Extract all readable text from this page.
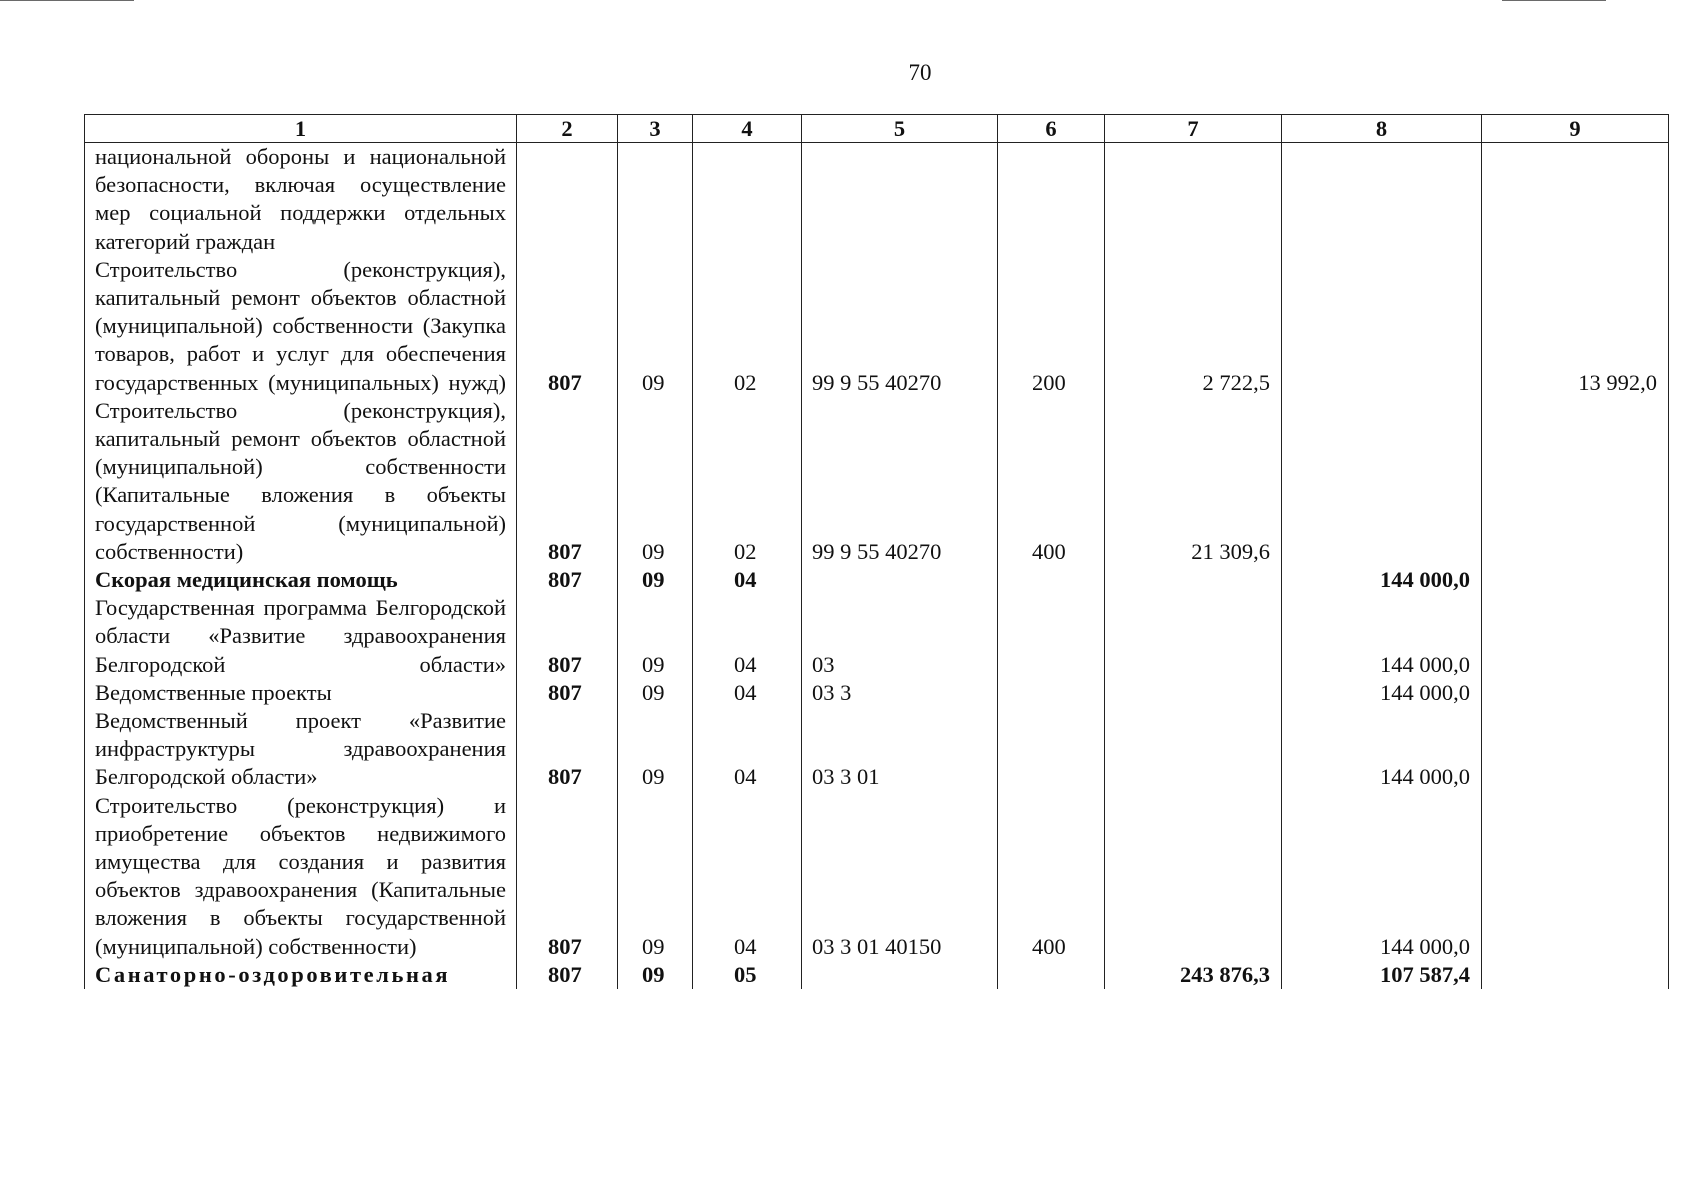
70
1	2	3	4	5	6	7	8	9
национальной обороны и национальной безопасности, включая осуществление мер социальной поддержки отдельных категорий граждан								
Строительство (реконструкция), капитальный ремонт объектов областной (муниципальной) собственности (Закупка товаров, работ и услуг для обеспечения государственных (муниципальных) нужд)	807	09	02	99 9 55 40270	200	2 722,5		13 992,0
Строительство (реконструкция), капитальный ремонт объектов областной (муниципальной) собственности (Капитальные вложения в объекты государственной (муниципальной) собственности)	807	09	02	99 9 55 40270	400	21 309,6		
Скорая медицинская помощь	807	09	04				144 000,0	
Государственная программа Белгородской области «Развитие здравоохранения Белгородской области»	807	09	04	03			144 000,0	
Ведомственные проекты	807	09	04	03 3			144 000,0	
Ведомственный проект «Развитие инфраструктуры здравоохранения Белгородской области»	807	09	04	03 3 01			144 000,0	
Строительство (реконструкция) и приобретение объектов недвижимого имущества для создания и развития объектов здравоохранения (Капитальные вложения в объекты государственной (муниципальной) собственности)	807	09	04	03 3 01 40150	400		144 000,0	
Санаторно-оздоровительная	807	09	05			243 876,3	107 587,4	
